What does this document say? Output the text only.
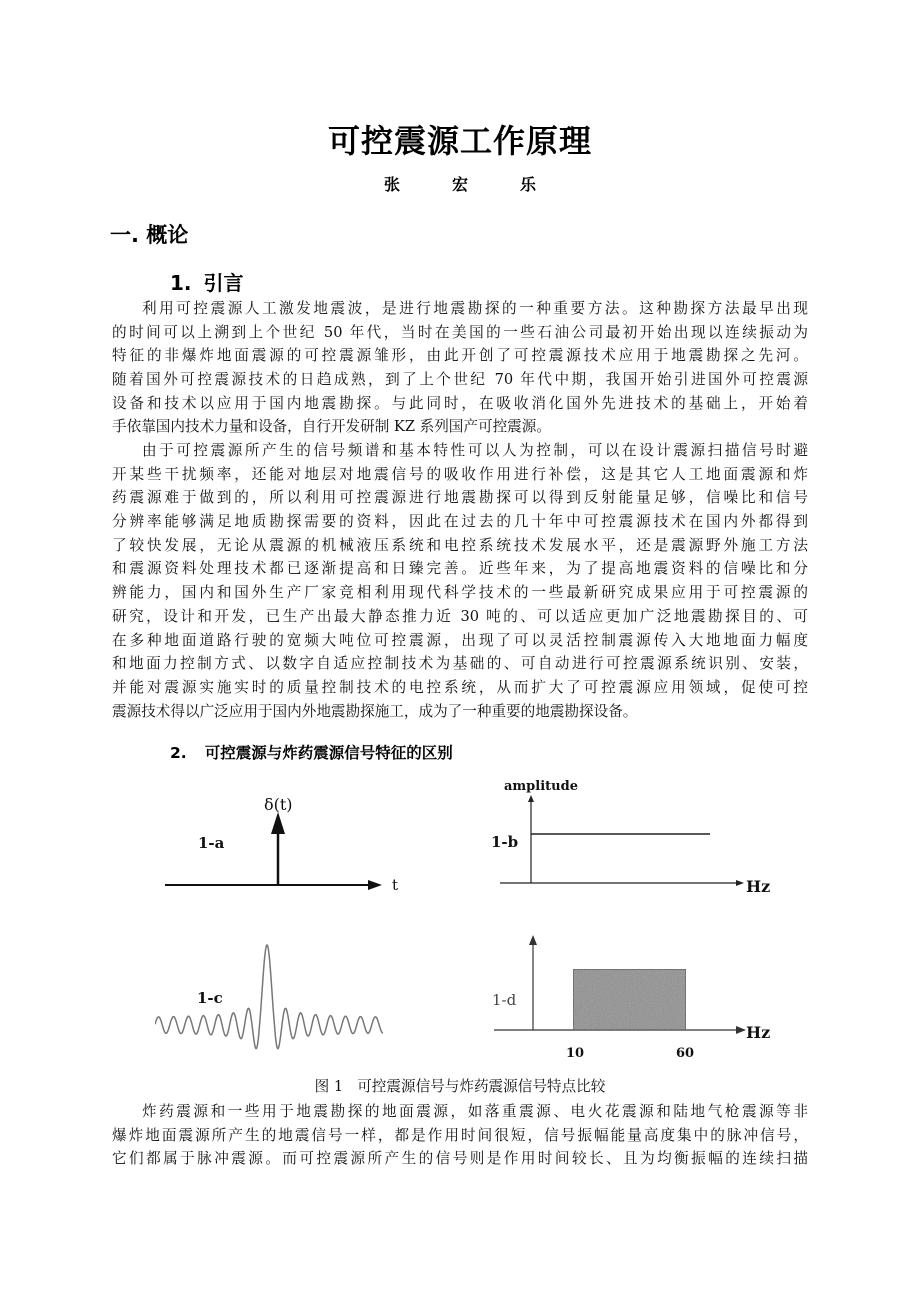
可控震源工作原理
张	宏	乐
一. 概论
1. 引言
利用可控震源人工激发地震波，是进行地震勘探的一种重要方法。这种勘探方法最早出现
的时间可以上溯到上个世纪 50 年代，当时在美国的一些石油公司最初开始出现以连续振动为
特征的非爆炸地面震源的可控震源雏形，由此开创了可控震源技术应用于地震勘探之先河。
随着国外可控震源技术的日趋成熟，到了上个世纪 70 年代中期，我国开始引进国外可控震源
设备和技术以应用于国内地震勘探。与此同时，在吸收消化国外先进技术的基础上，开始着
手依靠国内技术力量和设备，自行开发研制 KZ 系列国产可控震源。
由于可控震源所产生的信号频谱和基本特性可以人为控制，可以在设计震源扫描信号时避
开某些干扰频率，还能对地层对地震信号的吸收作用进行补偿，这是其它人工地面震源和炸
药震源难于做到的，所以利用可控震源进行地震勘探可以得到反射能量足够，信噪比和信号
分辨率能够满足地质勘探需要的资料，因此在过去的几十年中可控震源技术在国内外都得到
了较快发展，无论从震源的机械液压系统和电控系统技术发展水平，还是震源野外施工方法
和震源资料处理技术都已逐渐提高和日臻完善。近些年来，为了提高地震资料的信噪比和分
辨能力，国内和国外生产厂家竞相利用现代科学技术的一些最新研究成果应用于可控震源的
研究，设计和开发，已生产出最大静态推力近 30 吨的、可以适应更加广泛地震勘探目的、可
在多种地面道路行驶的宽频大吨位可控震源，出现了可以灵活控制震源传入大地地面力幅度
和地面力控制方式、以数字自适应控制技术为基础的、可自动进行可控震源系统识别、安装，
并能对震源实施实时的质量控制技术的电控系统，从而扩大了可控震源应用领域，促使可控
震源技术得以广泛应用于国内外地震勘探施工，成为了一种重要的地震勘探设备。
2. 可控震源与炸药震源信号特征的区别
δ(t)
1-a
t
amplitude
1-b
Hz
1-c	1-d
Hz
10	60
图 1 可控震源信号与炸药震源信号特点比较
炸药震源和一些用于地震勘探的地面震源，如落重震源、电火花震源和陆地气枪震源等非
爆炸地面震源所产生的地震信号一样，都是作用时间很短，信号振幅能量高度集中的脉冲信号，
它们都属于脉冲震源。而可控震源所产生的信号则是作用时间较长、且为均衡振幅的连续扫描
